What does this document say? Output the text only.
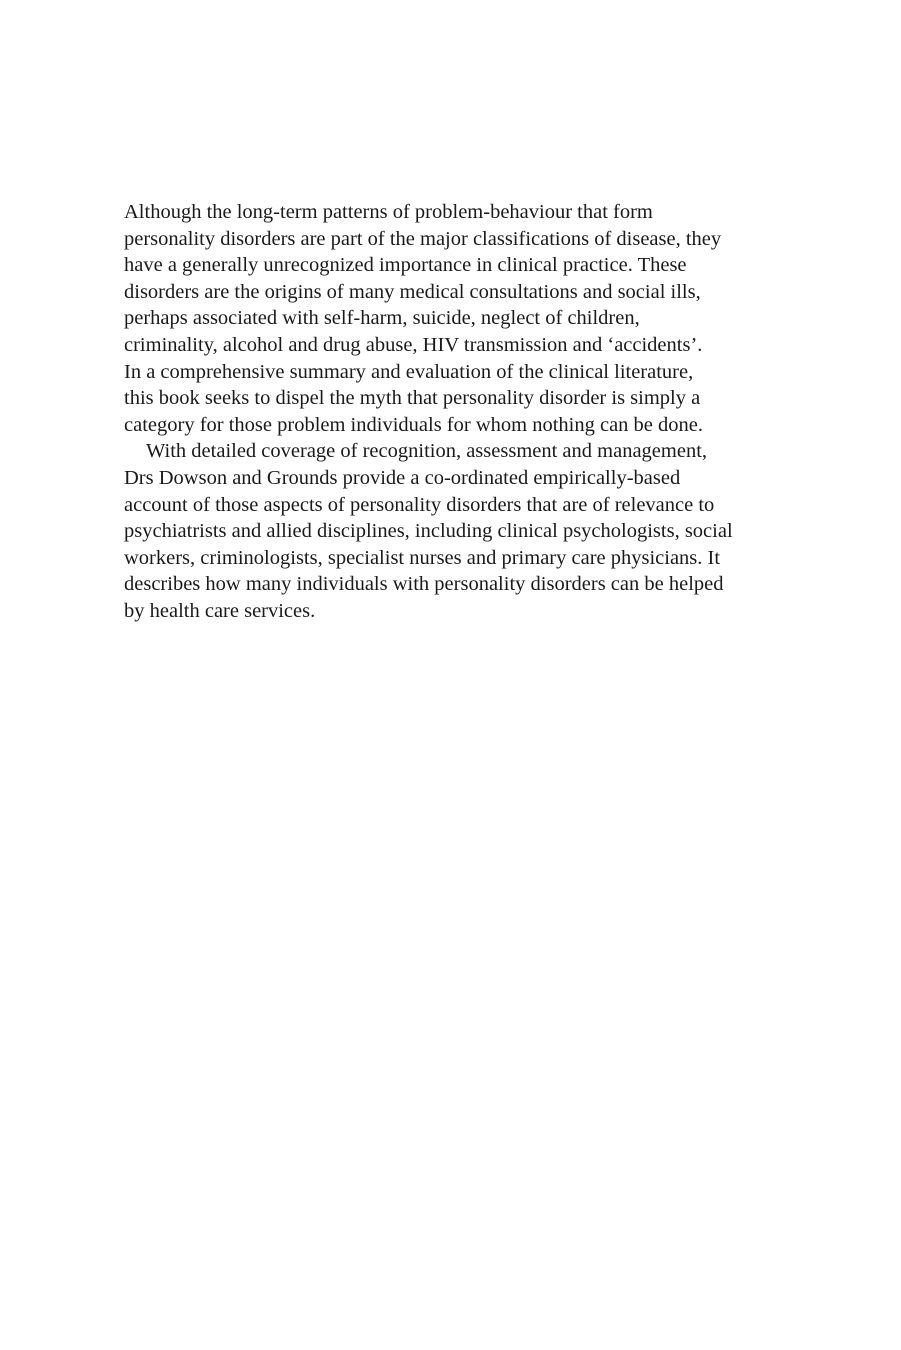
Although the long-term patterns of problem-behaviour that form
personality disorders are part of the major classifications of disease, they
have a generally unrecognized importance in clinical practice. These
disorders are the origins of many medical consultations and social ills,
perhaps associated with self-harm, suicide, neglect of children,
criminality, alcohol and drug abuse, HIV transmission and ‘accidents’.
In a comprehensive summary and evaluation of the clinical literature,
this book seeks to dispel the myth that personality disorder is simply a
category for those problem individuals for whom nothing can be done.

With detailed coverage of recognition, assessment and management,
Drs Dowson and Grounds provide a co-ordinated empirically-based
account of those aspects of personality disorders that are of relevance to
psychiatrists and allied disciplines, including clinical psychologists, social
workers, criminologists, specialist nurses and primary care physicians. It
describes how many individuals with personality disorders can be helped
by health care services.
